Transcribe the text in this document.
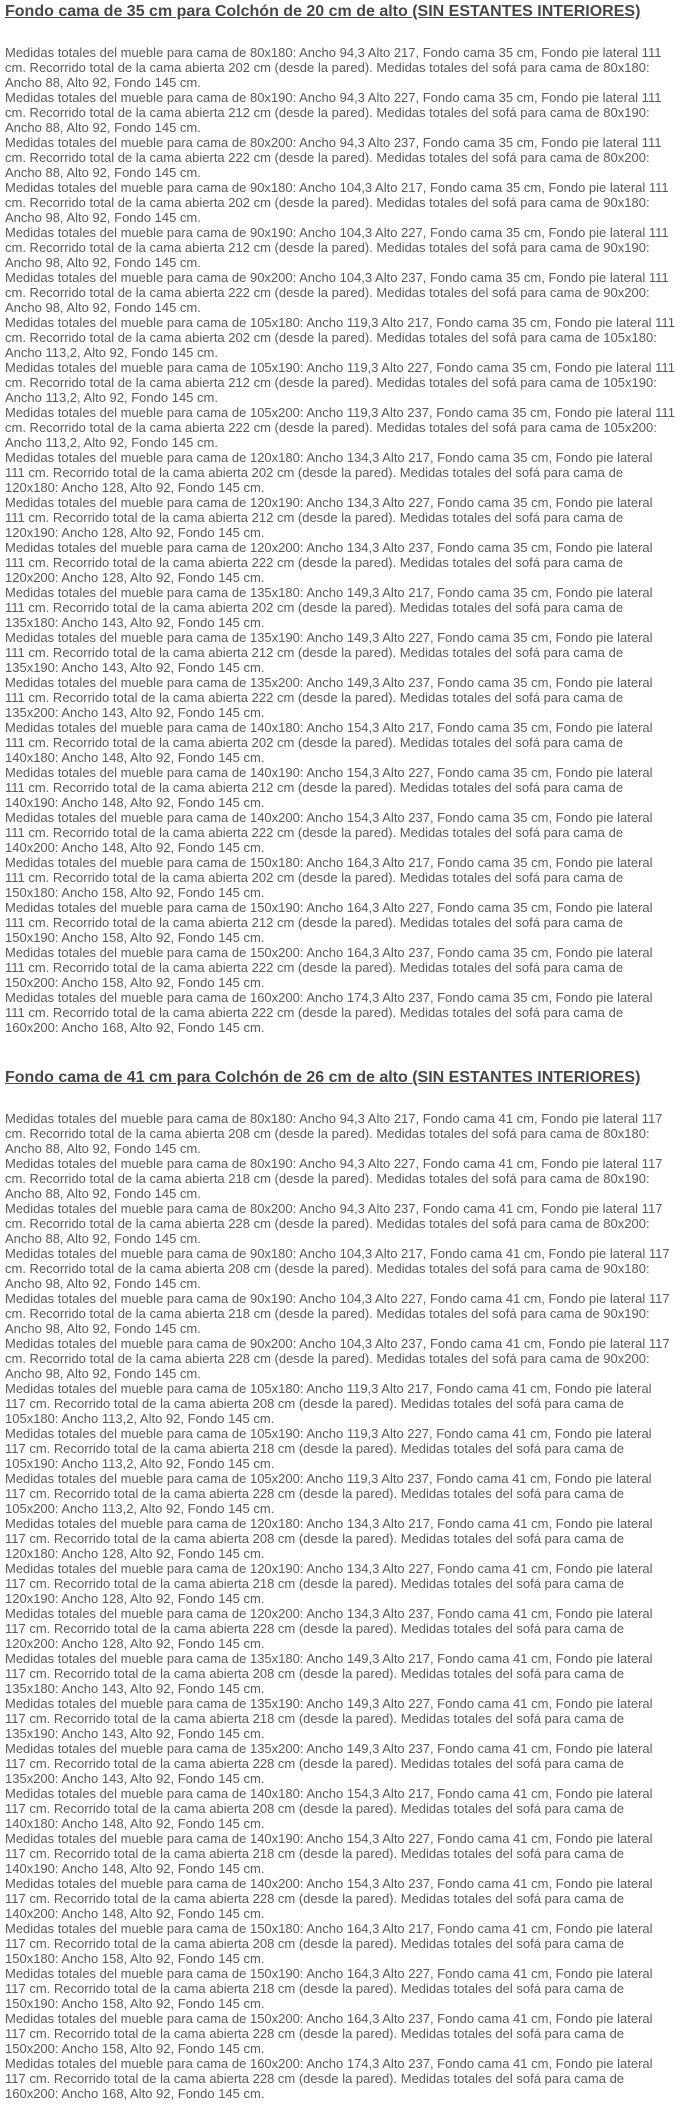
Fondo cama de 35 cm para Colchón de 20 cm de alto (SIN ESTANTES INTERIORES)

Medidas totales del mueble para cama de 80x180: Ancho 94,3 Alto 217, Fondo cama 35 cm, Fondo pie lateral 111 cm. Recorrido total de la cama abierta 202 cm (desde la pared). Medidas totales del sofá para cama de 80x180: Ancho 88, Alto 92, Fondo 145 cm.

Medidas totales del mueble para cama de 80x190: Ancho 94,3 Alto 227, Fondo cama 35 cm, Fondo pie lateral 111 cm. Recorrido total de la cama abierta 212 cm (desde la pared). Medidas totales del sofá para cama de 80x190: Ancho 88, Alto 92, Fondo 145 cm.

Medidas totales del mueble para cama de 80x200: Ancho 94,3 Alto 237, Fondo cama 35 cm, Fondo pie lateral 111 cm. Recorrido total de la cama abierta 222 cm (desde la pared). Medidas totales del sofá para cama de 80x200: Ancho 88, Alto 92, Fondo 145 cm.

Medidas totales del mueble para cama de 90x180: Ancho 104,3 Alto 217, Fondo cama 35 cm, Fondo pie lateral 111 cm. Recorrido total de la cama abierta 202 cm (desde la pared). Medidas totales del sofá para cama de 90x180: Ancho 98, Alto 92, Fondo 145 cm.

Medidas totales del mueble para cama de 90x190: Ancho 104,3 Alto 227, Fondo cama 35 cm, Fondo pie lateral 111 cm. Recorrido total de la cama abierta 212 cm (desde la pared). Medidas totales del sofá para cama de 90x190: Ancho 98, Alto 92, Fondo 145 cm.

Medidas totales del mueble para cama de 90x200: Ancho 104,3 Alto 237, Fondo cama 35 cm, Fondo pie lateral 111 cm. Recorrido total de la cama abierta 222 cm (desde la pared). Medidas totales del sofá para cama de 90x200: Ancho 98, Alto 92, Fondo 145 cm.

Medidas totales del mueble para cama de 105x180: Ancho 119,3 Alto 217, Fondo cama 35 cm, Fondo pie lateral 111 cm. Recorrido total de la cama abierta 202 cm (desde la pared). Medidas totales del sofá para cama de 105x180: Ancho 113,2, Alto 92, Fondo 145 cm.

Medidas totales del mueble para cama de 105x190: Ancho 119,3 Alto 227, Fondo cama 35 cm, Fondo pie lateral 111 cm. Recorrido total de la cama abierta 212 cm (desde la pared). Medidas totales del sofá para cama de 105x190: Ancho 113,2, Alto 92, Fondo 145 cm.

Medidas totales del mueble para cama de 105x200: Ancho 119,3 Alto 237, Fondo cama 35 cm, Fondo pie lateral 111 cm. Recorrido total de la cama abierta 222 cm (desde la pared). Medidas totales del sofá para cama de 105x200: Ancho 113,2, Alto 92, Fondo 145 cm.

Medidas totales del mueble para cama de 120x180: Ancho 134,3 Alto 217, Fondo cama 35 cm, Fondo pie lateral 111 cm. Recorrido total de la cama abierta 202 cm (desde la pared). Medidas totales del sofá para cama de 120x180: Ancho 128, Alto 92, Fondo 145 cm.

Medidas totales del mueble para cama de 120x190: Ancho 134,3 Alto 227, Fondo cama 35 cm, Fondo pie lateral 111 cm. Recorrido total de la cama abierta 212 cm (desde la pared). Medidas totales del sofá para cama de 120x190: Ancho 128, Alto 92, Fondo 145 cm.

Medidas totales del mueble para cama de 120x200: Ancho 134,3 Alto 237, Fondo cama 35 cm, Fondo pie lateral 111 cm. Recorrido total de la cama abierta 222 cm (desde la pared). Medidas totales del sofá para cama de 120x200: Ancho 128, Alto 92, Fondo 145 cm.

Medidas totales del mueble para cama de 135x180: Ancho 149,3 Alto 217, Fondo cama 35 cm, Fondo pie lateral 111 cm. Recorrido total de la cama abierta 202 cm (desde la pared). Medidas totales del sofá para cama de 135x180: Ancho 143, Alto 92, Fondo 145 cm.

Medidas totales del mueble para cama de 135x190: Ancho 149,3 Alto 227, Fondo cama 35 cm, Fondo pie lateral 111 cm. Recorrido total de la cama abierta 212 cm (desde la pared). Medidas totales del sofá para cama de 135x190: Ancho 143, Alto 92, Fondo 145 cm.

Medidas totales del mueble para cama de 135x200: Ancho 149,3 Alto 237, Fondo cama 35 cm, Fondo pie lateral 111 cm. Recorrido total de la cama abierta 222 cm (desde la pared). Medidas totales del sofá para cama de 135x200: Ancho 143, Alto 92, Fondo 145 cm.

Medidas totales del mueble para cama de 140x180: Ancho 154,3 Alto 217, Fondo cama 35 cm, Fondo pie lateral 111 cm. Recorrido total de la cama abierta 202 cm (desde la pared). Medidas totales del sofá para cama de 140x180: Ancho 148, Alto 92, Fondo 145 cm.

Medidas totales del mueble para cama de 140x190: Ancho 154,3 Alto 227, Fondo cama 35 cm, Fondo pie lateral 111 cm. Recorrido total de la cama abierta 212 cm (desde la pared). Medidas totales del sofá para cama de 140x190: Ancho 148, Alto 92, Fondo 145 cm.

Medidas totales del mueble para cama de 140x200: Ancho 154,3 Alto 237, Fondo cama 35 cm, Fondo pie lateral 111 cm. Recorrido total de la cama abierta 222 cm (desde la pared). Medidas totales del sofá para cama de 140x200: Ancho 148, Alto 92, Fondo 145 cm.

Medidas totales del mueble para cama de 150x180: Ancho 164,3 Alto 217, Fondo cama 35 cm, Fondo pie lateral 111 cm. Recorrido total de la cama abierta 202 cm (desde la pared). Medidas totales del sofá para cama de 150x180: Ancho 158, Alto 92, Fondo 145 cm.

Medidas totales del mueble para cama de 150x190: Ancho 164,3 Alto 227, Fondo cama 35 cm, Fondo pie lateral 111 cm. Recorrido total de la cama abierta 212 cm (desde la pared). Medidas totales del sofá para cama de 150x190: Ancho 158, Alto 92, Fondo 145 cm.

Medidas totales del mueble para cama de 150x200: Ancho 164,3 Alto 237, Fondo cama 35 cm, Fondo pie lateral 111 cm. Recorrido total de la cama abierta 222 cm (desde la pared). Medidas totales del sofá para cama de 150x200: Ancho 158, Alto 92, Fondo 145 cm.

Medidas totales del mueble para cama de 160x200: Ancho 174,3 Alto 237, Fondo cama 35 cm, Fondo pie lateral 111 cm. Recorrido total de la cama abierta 222 cm (desde la pared). Medidas totales del sofá para cama de 160x200: Ancho 168, Alto 92, Fondo 145 cm.

Fondo cama de 41 cm para Colchón de 26 cm de alto (SIN ESTANTES INTERIORES)

Medidas totales del mueble para cama de 80x180: Ancho 94,3 Alto 217, Fondo cama 41 cm, Fondo pie lateral 117 cm. Recorrido total de la cama abierta 208 cm (desde la pared). Medidas totales del sofá para cama de 80x180: Ancho 88, Alto 92, Fondo 145 cm.

Medidas totales del mueble para cama de 80x190: Ancho 94,3 Alto 227, Fondo cama 41 cm, Fondo pie lateral 117 cm. Recorrido total de la cama abierta 218 cm (desde la pared). Medidas totales del sofá para cama de 80x190: Ancho 88, Alto 92, Fondo 145 cm.

Medidas totales del mueble para cama de 80x200: Ancho 94,3 Alto 237, Fondo cama 41 cm, Fondo pie lateral 117 cm. Recorrido total de la cama abierta 228 cm (desde la pared). Medidas totales del sofá para cama de 80x200: Ancho 88, Alto 92, Fondo 145 cm.

Medidas totales del mueble para cama de 90x180: Ancho 104,3 Alto 217, Fondo cama 41 cm, Fondo pie lateral 117 cm. Recorrido total de la cama abierta 208 cm (desde la pared). Medidas totales del sofá para cama de 90x180: Ancho 98, Alto 92, Fondo 145 cm.

Medidas totales del mueble para cama de 90x190: Ancho 104,3 Alto 227, Fondo cama 41 cm, Fondo pie lateral 117 cm. Recorrido total de la cama abierta 218 cm (desde la pared). Medidas totales del sofá para cama de 90x190: Ancho 98, Alto 92, Fondo 145 cm.

Medidas totales del mueble para cama de 90x200: Ancho 104,3 Alto 237, Fondo cama 41 cm, Fondo pie lateral 117 cm. Recorrido total de la cama abierta 228 cm (desde la pared). Medidas totales del sofá para cama de 90x200: Ancho 98, Alto 92, Fondo 145 cm.

Medidas totales del mueble para cama de 105x180: Ancho 119,3 Alto 217, Fondo cama 41 cm, Fondo pie lateral 117 cm. Recorrido total de la cama abierta 208 cm (desde la pared). Medidas totales del sofá para cama de 105x180: Ancho 113,2, Alto 92, Fondo 145 cm.

Medidas totales del mueble para cama de 105x190: Ancho 119,3 Alto 227, Fondo cama 41 cm, Fondo pie lateral 117 cm. Recorrido total de la cama abierta 218 cm (desde la pared). Medidas totales del sofá para cama de 105x190: Ancho 113,2, Alto 92, Fondo 145 cm.

Medidas totales del mueble para cama de 105x200: Ancho 119,3 Alto 237, Fondo cama 41 cm, Fondo pie lateral 117 cm. Recorrido total de la cama abierta 228 cm (desde la pared). Medidas totales del sofá para cama de 105x200: Ancho 113,2, Alto 92, Fondo 145 cm.

Medidas totales del mueble para cama de 120x180: Ancho 134,3 Alto 217, Fondo cama 41 cm, Fondo pie lateral 117 cm. Recorrido total de la cama abierta 208 cm (desde la pared). Medidas totales del sofá para cama de 120x180: Ancho 128, Alto 92, Fondo 145 cm.

Medidas totales del mueble para cama de 120x190: Ancho 134,3 Alto 227, Fondo cama 41 cm, Fondo pie lateral 117 cm. Recorrido total de la cama abierta 218 cm (desde la pared). Medidas totales del sofá para cama de 120x190: Ancho 128, Alto 92, Fondo 145 cm.

Medidas totales del mueble para cama de 120x200: Ancho 134,3 Alto 237, Fondo cama 41 cm, Fondo pie lateral 117 cm. Recorrido total de la cama abierta 228 cm (desde la pared). Medidas totales del sofá para cama de 120x200: Ancho 128, Alto 92, Fondo 145 cm.

Medidas totales del mueble para cama de 135x180: Ancho 149,3 Alto 217, Fondo cama 41 cm, Fondo pie lateral 117 cm. Recorrido total de la cama abierta 208 cm (desde la pared). Medidas totales del sofá para cama de 135x180: Ancho 143, Alto 92, Fondo 145 cm.

Medidas totales del mueble para cama de 135x190: Ancho 149,3 Alto 227, Fondo cama 41 cm, Fondo pie lateral 117 cm. Recorrido total de la cama abierta 218 cm (desde la pared). Medidas totales del sofá para cama de 135x190: Ancho 143, Alto 92, Fondo 145 cm.

Medidas totales del mueble para cama de 135x200: Ancho 149,3 Alto 237, Fondo cama 41 cm, Fondo pie lateral 117 cm. Recorrido total de la cama abierta 228 cm (desde la pared). Medidas totales del sofá para cama de 135x200: Ancho 143, Alto 92, Fondo 145 cm.

Medidas totales del mueble para cama de 140x180: Ancho 154,3 Alto 217, Fondo cama 41 cm, Fondo pie lateral 117 cm. Recorrido total de la cama abierta 208 cm (desde la pared). Medidas totales del sofá para cama de 140x180: Ancho 148, Alto 92, Fondo 145 cm.

Medidas totales del mueble para cama de 140x190: Ancho 154,3 Alto 227, Fondo cama 41 cm, Fondo pie lateral 117 cm. Recorrido total de la cama abierta 218 cm (desde la pared). Medidas totales del sofá para cama de 140x190: Ancho 148, Alto 92, Fondo 145 cm.

Medidas totales del mueble para cama de 140x200: Ancho 154,3 Alto 237, Fondo cama 41 cm, Fondo pie lateral 117 cm. Recorrido total de la cama abierta 228 cm (desde la pared). Medidas totales del sofá para cama de 140x200: Ancho 148, Alto 92, Fondo 145 cm.

Medidas totales del mueble para cama de 150x180: Ancho 164,3 Alto 217, Fondo cama 41 cm, Fondo pie lateral 117 cm. Recorrido total de la cama abierta 208 cm (desde la pared). Medidas totales del sofá para cama de 150x180: Ancho 158, Alto 92, Fondo 145 cm.

Medidas totales del mueble para cama de 150x190: Ancho 164,3 Alto 227, Fondo cama 41 cm, Fondo pie lateral 117 cm. Recorrido total de la cama abierta 218 cm (desde la pared). Medidas totales del sofá para cama de 150x190: Ancho 158, Alto 92, Fondo 145 cm.

Medidas totales del mueble para cama de 150x200: Ancho 164,3 Alto 237, Fondo cama 41 cm, Fondo pie lateral 117 cm. Recorrido total de la cama abierta 228 cm (desde la pared). Medidas totales del sofá para cama de 150x200: Ancho 158, Alto 92, Fondo 145 cm.

Medidas totales del mueble para cama de 160x200: Ancho 174,3 Alto 237, Fondo cama 41 cm, Fondo pie lateral 117 cm. Recorrido total de la cama abierta 228 cm (desde la pared). Medidas totales del sofá para cama de 160x200: Ancho 168, Alto 92, Fondo 145 cm.
